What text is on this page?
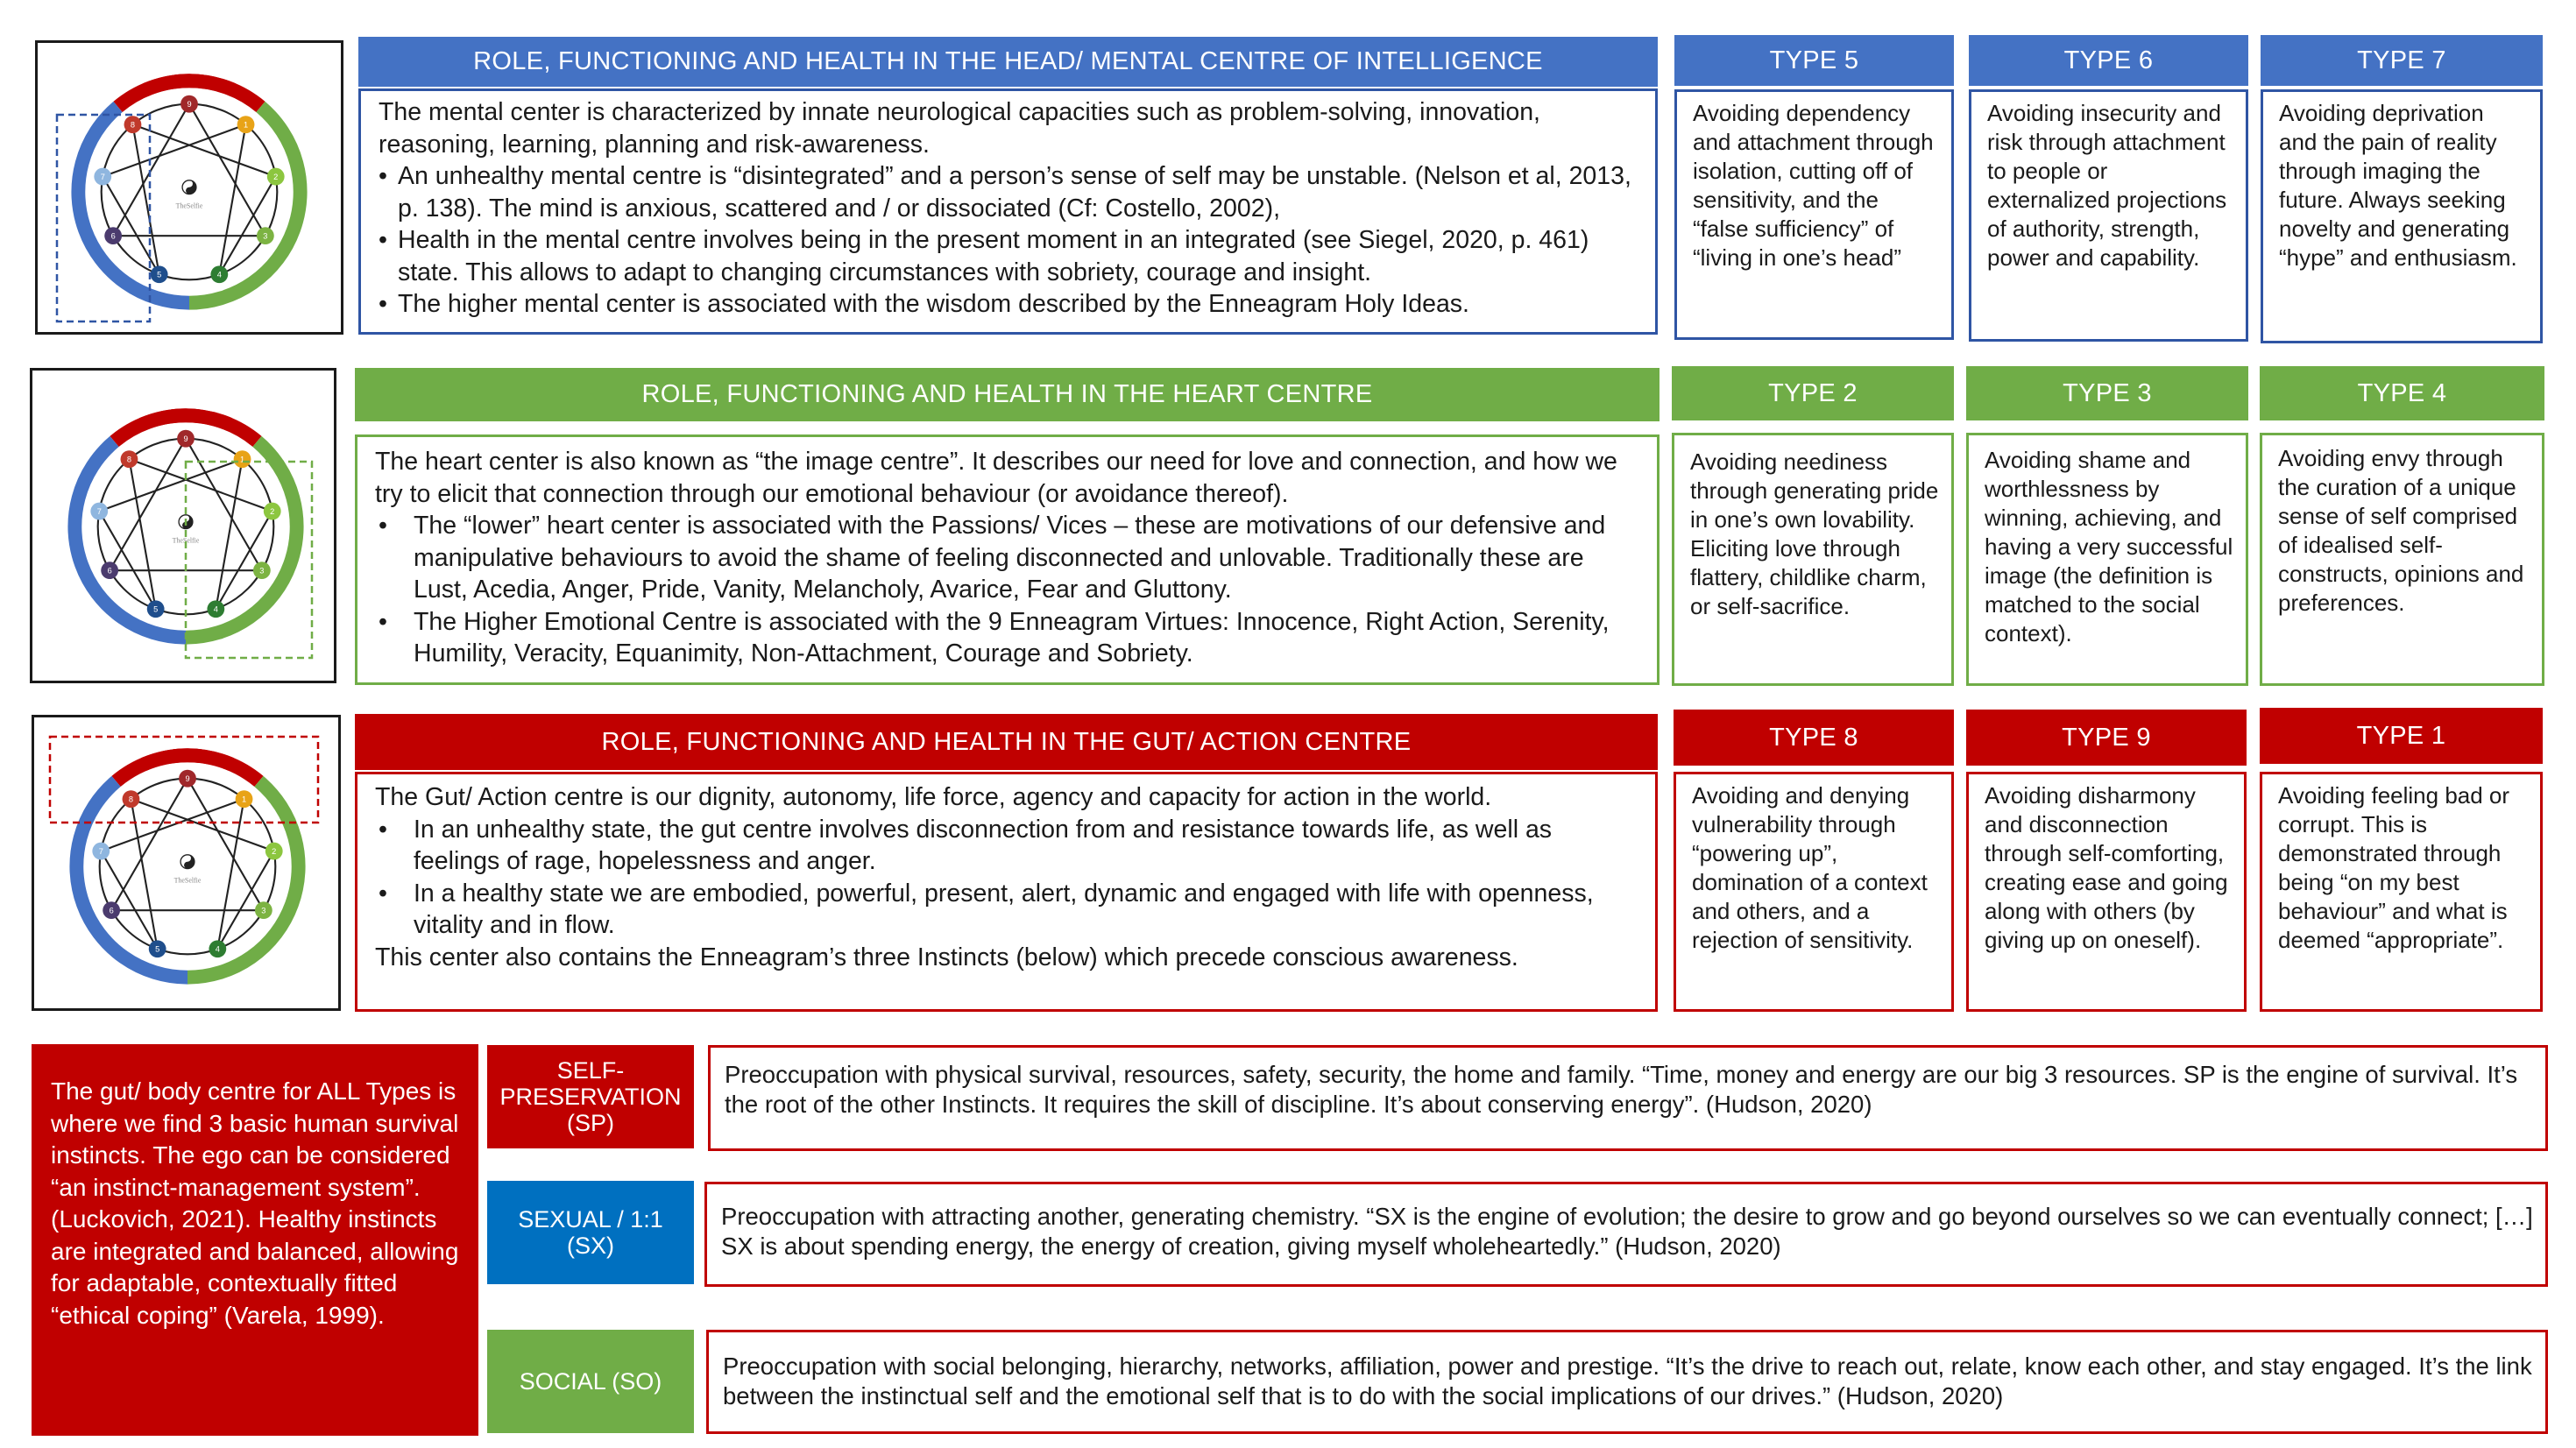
9
1
2
3
4
5
6
7
8
ROLE, FUNCTIONING AND HEALTH IN THE HEAD/ MENTAL CENTRE OF INTELLIGENCE

The mental center is characterized by innate neurological capacities such as problem-solving, innovation, reasoning, learning, planning and risk-awareness.

• An unhealthy mental centre is “disintegrated” and a person’s sense of self may be unstable. (Nelson et al, 2013, p. 138). The mind is anxious, scattered and / or dissociated (Cf: Costello, 2002),
• Health in the mental centre involves being in the present moment in an integrated (see Siegel, 2020, p. 461) state. This allows to adapt to changing circumstances with sobriety, courage and insight.
• The higher mental center is associated with the wisdom described by the Enneagram Holy Ideas.
TYPE 5
Avoiding dependency and attachment through isolation, cutting off of sensitivity, and the “false sufficiency” of “living in one’s head”
TYPE 6
Avoiding insecurity and risk through attachment to people or externalized projections of authority, strength, power and capability.
TYPE 7
Avoiding deprivation and the pain of reality through imaging the future. Always seeking novelty and generating “hype” and enthusiasm.
9
1
2
3
4
5
6
7
8
ROLE, FUNCTIONING AND HEALTH IN THE HEART CENTRE

The heart center is also known as “the image centre”. It describes our need for love and connection, and how we try to elicit that connection through our emotional behaviour (or avoidance thereof).

• The “lower” heart center is associated with the Passions/ Vices – these are motivations of our defensive and manipulative behaviours to avoid the shame of feeling disconnected and unlovable. Traditionally these are Lust, Acedia, Anger, Pride, Vanity, Melancholy, Avarice, Fear and Gluttony.
• The Higher Emotional Centre is associated with the 9 Enneagram Virtues: Innocence, Right Action, Serenity, Humility, Veracity, Equanimity, Non-Attachment, Courage and Sobriety.
TYPE 2
Avoiding neediness through generating pride in one’s own lovability. Eliciting love through flattery, childlike charm, or self-sacrifice.
TYPE 3
Avoiding shame and worthlessness by winning, achieving, and having a very successful image (the definition is matched to the social context).
TYPE 4
Avoiding envy through the curation of a unique sense of self comprised of idealised self-constructs, opinions and preferences.
9
1
2
3
4
5
6
7
8
ROLE, FUNCTIONING AND HEALTH IN THE GUT/ ACTION CENTRE

The Gut/ Action centre is our dignity, autonomy, life force, agency and capacity for action in the world.

• In an unhealthy state, the gut centre involves disconnection from and resistance towards life, as well as feelings of rage, hopelessness and anger.
• In a healthy state we are embodied, powerful, present, alert, dynamic and engaged with life with openness, vitality and in flow.

This center also contains the Enneagram’s three Instincts (below) which precede conscious awareness.

TYPE 8
Avoiding and denying vulnerability through “powering up”, domination of a context and others, and a rejection of sensitivity.
TYPE 9
Avoiding disharmony and disconnection through self-comforting, creating ease and going along with others (by giving up on oneself).
TYPE 1
Avoiding feeling bad or corrupt. This is demonstrated through being “on my best behaviour” and what is deemed “appropriate”.
The gut/ body centre for ALL Types is where we find 3 basic human survival instincts. The ego can be considered “an instinct-management system”. (Luckovich, 2021). Healthy instincts are integrated and balanced, allowing for adaptable, contextually fitted “ethical coping” (Varela, 1999).
SELF-PRESERVATION (SP)
Preoccupation with physical survival, resources, safety, security, the home and family. “Time, money and energy are our big 3 resources. SP is the engine of survival. It’s the root of the other Instincts. It requires the skill of discipline. It’s about conserving energy”. (Hudson, 2020)
SEXUAL / 1:1 (SX)
Preoccupation with attracting another, generating chemistry. “SX is the engine of evolution; the desire to grow and go beyond ourselves so we can eventually connect; […] SX is about spending energy, the energy of creation, giving myself wholeheartedly.” (Hudson, 2020)
SOCIAL (SO)
Preoccupation with social belonging, hierarchy, networks, affiliation, power and prestige. “It’s the drive to reach out, relate, know each other, and stay engaged. It’s the link between the instinctual self and the emotional self that is to do with the social implications of our drives.” (Hudson, 2020)
